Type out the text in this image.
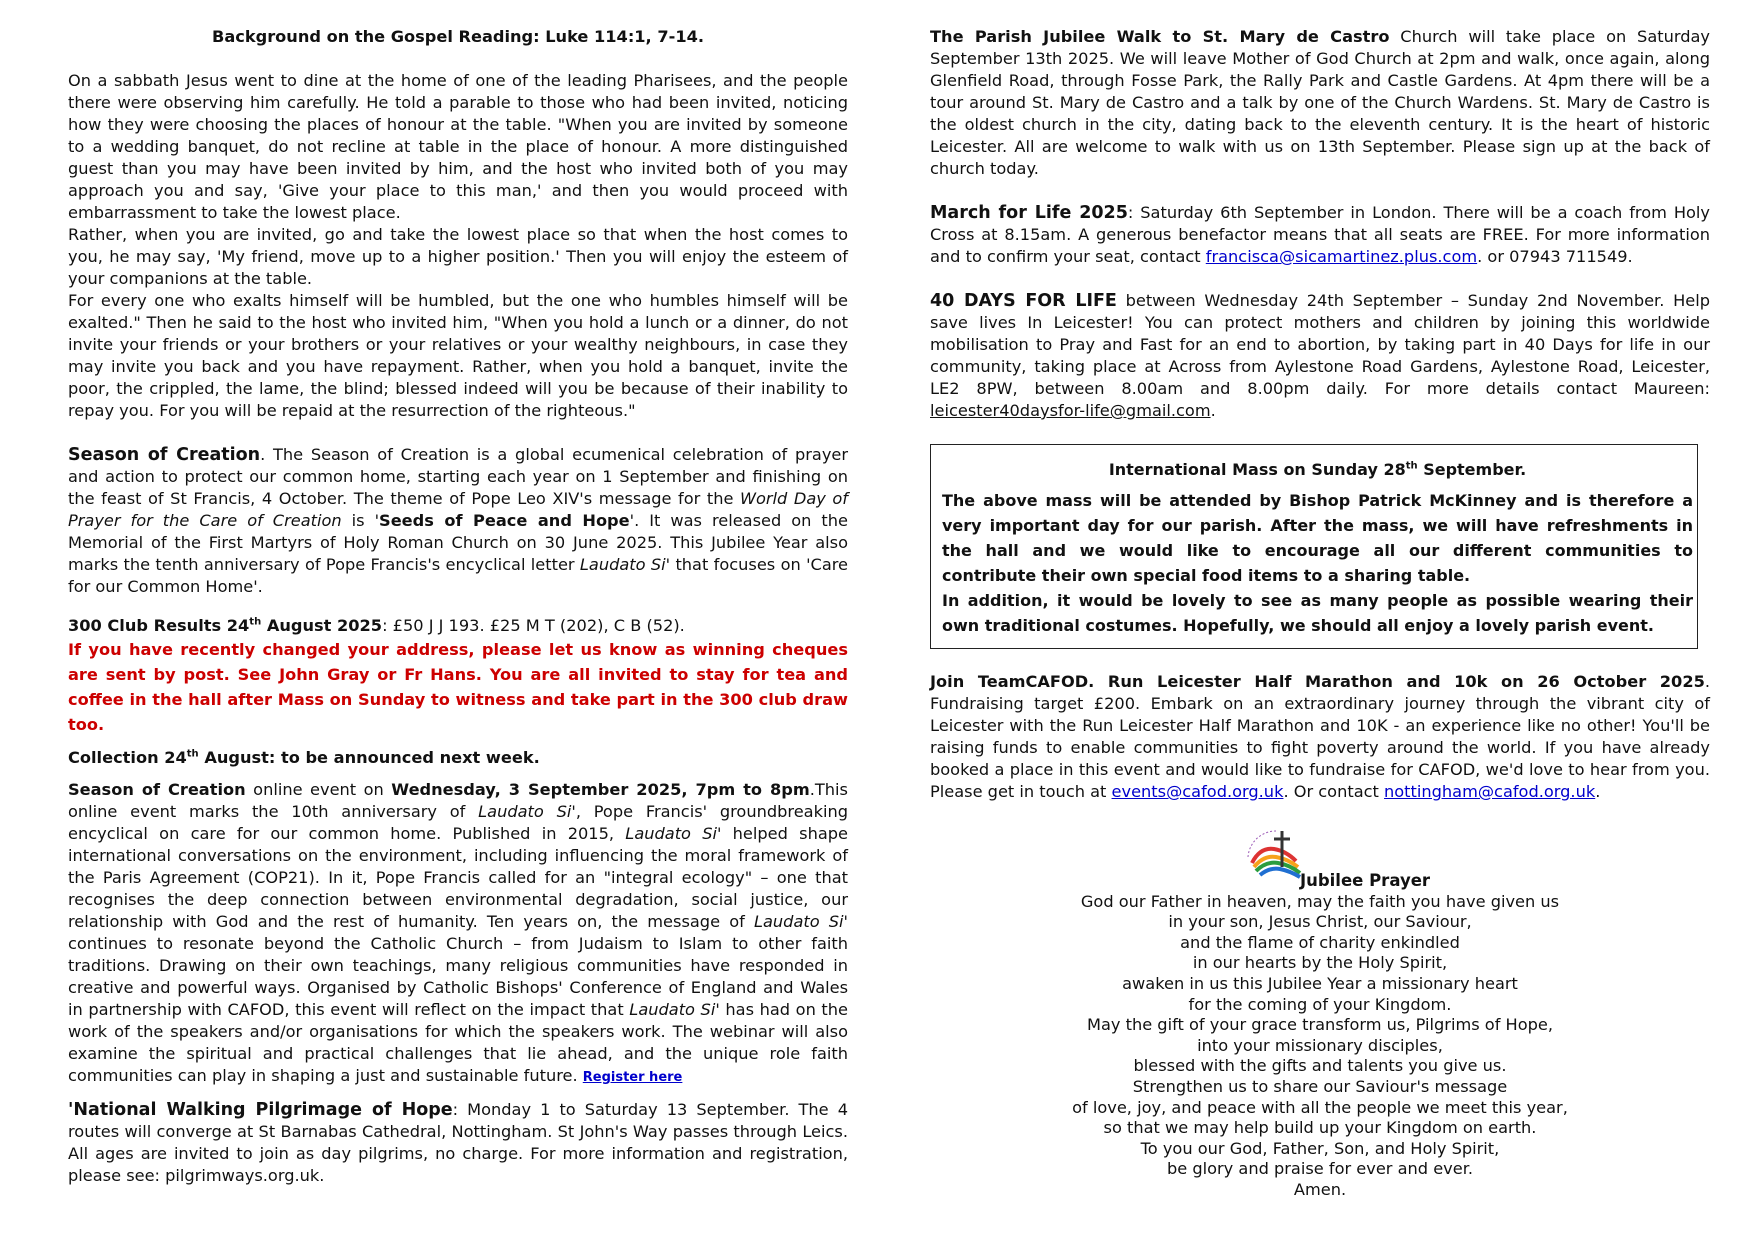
Background on the Gospel Reading: Luke 114:1, 7-14.

On a sabbath Jesus went to dine at the home of one of the leading Pharisees, and the people there were observing him carefully. He told a parable to those who had been invited, noticing how they were choosing the places of honour at the table. "When you are invited by someone to a wedding banquet, do not recline at table in the place of honour. A more distinguished guest than you may have been invited by him, and the host who invited both of you may approach you and say, 'Give your place to this man,' and then you would proceed with embarrassment to take the lowest place.

Rather, when you are invited, go and take the lowest place so that when the host comes to you, he may say, 'My friend, move up to a higher position.' Then you will enjoy the esteem of your companions at the table.

For every one who exalts himself will be humbled, but the one who humbles himself will be exalted." Then he said to the host who invited him, "When you hold a lunch or a dinner, do not invite your friends or your brothers or your relatives or your wealthy neighbours, in case they may invite you back and you have repayment. Rather, when you hold a banquet, invite the poor, the crippled, the lame, the blind; blessed indeed will you be because of their inability to repay you. For you will be repaid at the resurrection of the righteous."

Season of Creation. The Season of Creation is a global ecumenical celebration of prayer and action to protect our common home, starting each year on 1 September and finishing on the feast of St Francis, 4 October. The theme of Pope Leo XIV's message for the World Day of Prayer for the Care of Creation is 'Seeds of Peace and Hope'. It was released on the Memorial of the First Martyrs of Holy Roman Church on 30 June 2025. This Jubilee Year also marks the tenth anniversary of Pope Francis's encyclical letter Laudato Si' that focuses on 'Care for our Common Home'.

300 Club Results 24th August 2025: £50 J J 193. £25 M T (202), C B (52).

If you have recently changed your address, please let us know as winning cheques are sent by post. See John Gray or Fr Hans. You are all invited to stay for tea and coffee in the hall after Mass on Sunday to witness and take part in the 300 club draw too.

Collection 24th August: to be announced next week.

Season of Creation online event on Wednesday, 3 September 2025, 7pm to 8pm.This online event marks the 10th anniversary of Laudato Si', Pope Francis' groundbreaking encyclical on care for our common home. Published in 2015, Laudato Si' helped shape international conversations on the environment, including influencing the moral framework of the Paris Agreement (COP21). In it, Pope Francis called for an "integral ecology" – one that recognises the deep connection between environmental degradation, social justice, our relationship with God and the rest of humanity. Ten years on, the message of Laudato Si' continues to resonate beyond the Catholic Church – from Judaism to Islam to other faith traditions. Drawing on their own teachings, many religious communities have responded in creative and powerful ways. Organised by Catholic Bishops' Conference of England and Wales in partnership with CAFOD, this event will reflect on the impact that Laudato Si' has had on the work of the speakers and/or organisations for which the speakers work. The webinar will also examine the spiritual and practical challenges that lie ahead, and the unique role faith communities can play in shaping a just and sustainable future. Register here

'National Walking Pilgrimage of Hope: Monday 1 to Saturday 13 September. The 4 routes will converge at St Barnabas Cathedral, Nottingham. St John's Way passes through Leics. All ages are invited to join as day pilgrims, no charge. For more information and registration, please see: pilgrimways.org.uk.

The Parish Jubilee Walk to St. Mary de Castro Church will take place on Saturday September 13th 2025. We will leave Mother of God Church at 2pm and walk, once again, along Glenfield Road, through Fosse Park, the Rally Park and Castle Gardens. At 4pm there will be a tour around St. Mary de Castro and a talk by one of the Church Wardens. St. Mary de Castro is the oldest church in the city, dating back to the eleventh century. It is the heart of historic Leicester. All are welcome to walk with us on 13th September. Please sign up at the back of church today.

March for Life 2025: Saturday 6th September in London. There will be a coach from Holy Cross at 8.15am. A generous benefactor means that all seats are FREE. For more information and to confirm your seat, contact francisca@sicamartinez.plus.com. or 07943 711549.

40 DAYS FOR LIFE between Wednesday 24th September – Sunday 2nd November. Help save lives In Leicester! You can protect mothers and children by joining this worldwide mobilisation to Pray and Fast for an end to abortion, by taking part in 40 Days for life in our community, taking place at Across from Aylestone Road Gardens, Aylestone Road, Leicester, LE2 8PW, between 8.00am and 8.00pm daily. For more details contact Maureen: leicester40daysfor-life@gmail.com.

International Mass on Sunday 28th September.

The above mass will be attended by Bishop Patrick McKinney and is therefore a very important day for our parish. After the mass, we will have refreshments in the hall and we would like to encourage all our different communities to contribute their own special food items to a sharing table.

In addition, it would be lovely to see as many people as possible wearing their own traditional costumes. Hopefully, we should all enjoy a lovely parish event.

Join TeamCAFOD. Run Leicester Half Marathon and 10k on 26 October 2025. Fundraising target £200. Embark on an extraordinary journey through the vibrant city of Leicester with the Run Leicester Half Marathon and 10K - an experience like no other! You'll be raising funds to enable communities to fight poverty around the world. If you have already booked a place in this event and would like to fundraise for CAFOD, we'd love to hear from you. Please get in touch at events@cafod.org.uk. Or contact nottingham@cafod.org.uk.

Jubilee Prayer
God our Father in heaven, may the faith you have given us
in your son, Jesus Christ, our Saviour,
and the flame of charity enkindled
in our hearts by the Holy Spirit,
awaken in us this Jubilee Year a missionary heart
for the coming of your Kingdom.
May the gift of your grace transform us, Pilgrims of Hope,
into your missionary disciples,
blessed with the gifts and talents you give us.
Strengthen us to share our Saviour's message
of love, joy, and peace with all the people we meet this year,
so that we may help build up your Kingdom on earth.
To you our God, Father, Son, and Holy Spirit,
be glory and praise for ever and ever.
Amen.
